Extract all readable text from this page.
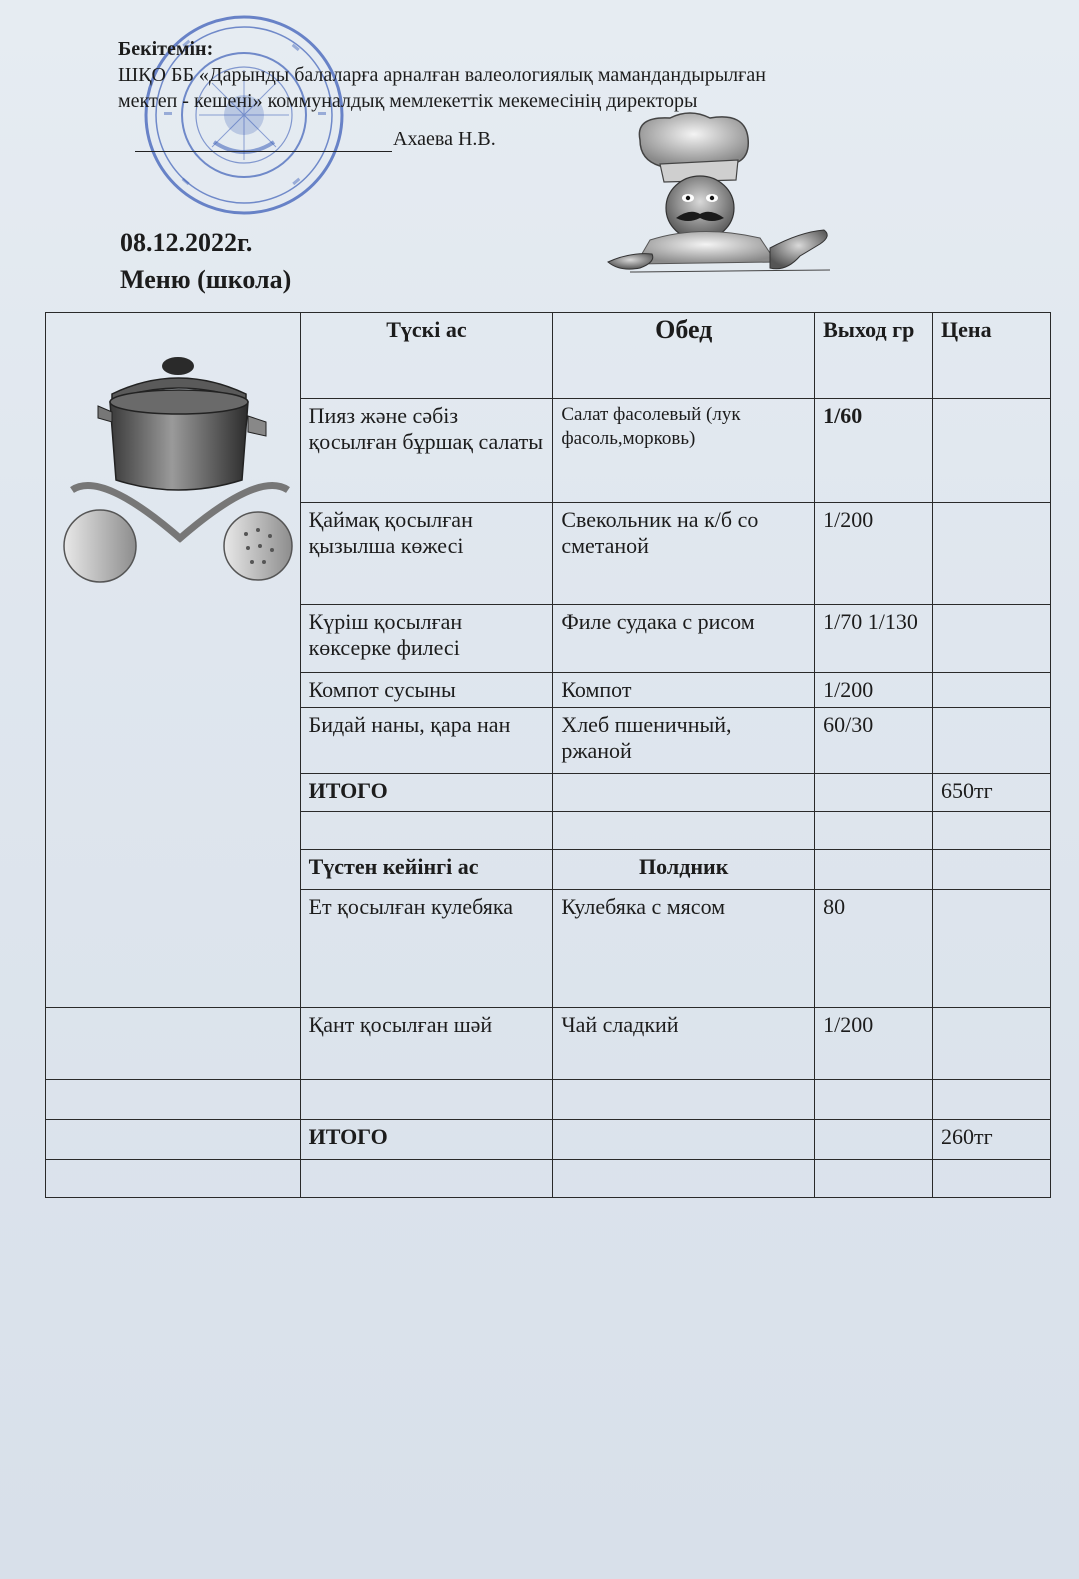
Бекітемін:
ШҚО ББ «Дарынды балаларға арналған валеологиялық мамандандырылған
мектеп - кешені» коммуналдық мемлекеттік мекемесінің директоры
Ахаева Н.В.
08.12.2022г.
Меню (школа)
	Түскі ас	Обед	Выход гр	Цена
	Пияз және сәбіз қосылған бұршақ салаты	Салат фасолевый (лук фасоль,морковь)	1/60	
	Қаймақ қосылған қызылша көжесі	Свекольник на к/б со сметаной	1/200	
	Күріш қосылған көксерке филесі	Филе судака с рисом	1/70 1/130	
	Компот сусыны	Компот	1/200	
	Бидай наны, қара нан	Хлеб пшеничный, ржаной	60/30	
	ИТОГО			650тг

	Түстен кейінгі ас	Полдник		
	Ет қосылған кулебяка	Кулебяка с мясом	80	
	Қант қосылған шәй	Чай сладкий	1/200	

	ИТОГО			260тг
